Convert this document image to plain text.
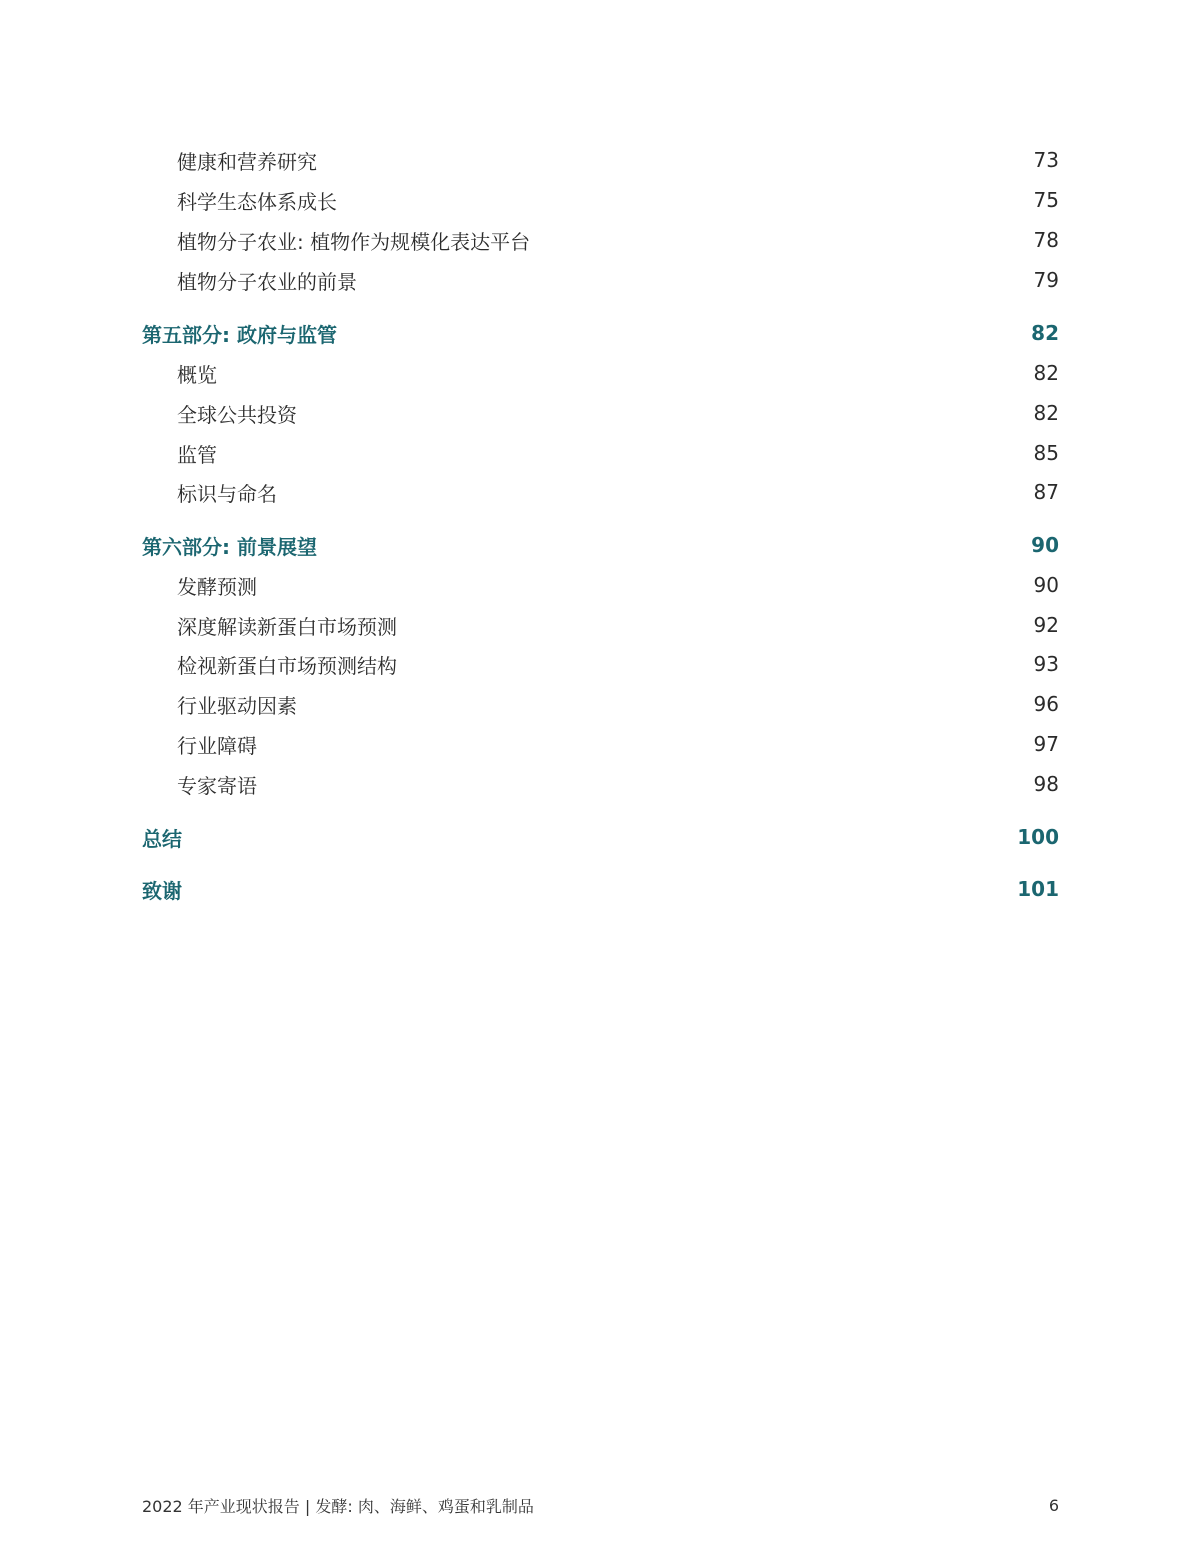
健康和营养研究	73
科学生态体系成长	75
植物分子农业: 植物作为规模化表达平台	78
植物分子农业的前景	79
第五部分: 政府与监管	82
概览	82
全球公共投资	82
监管	85
标识与命名	87
第六部分: 前景展望	90
发酵预测	90
深度解读新蛋白市场预测	92
检视新蛋白市场预测结构	93
行业驱动因素	96
行业障碍	97
专家寄语	98
总结	100
致谢	101
2022 年产业现状报告 | 发酵: 肉、海鲜、鸡蛋和乳制品	6
